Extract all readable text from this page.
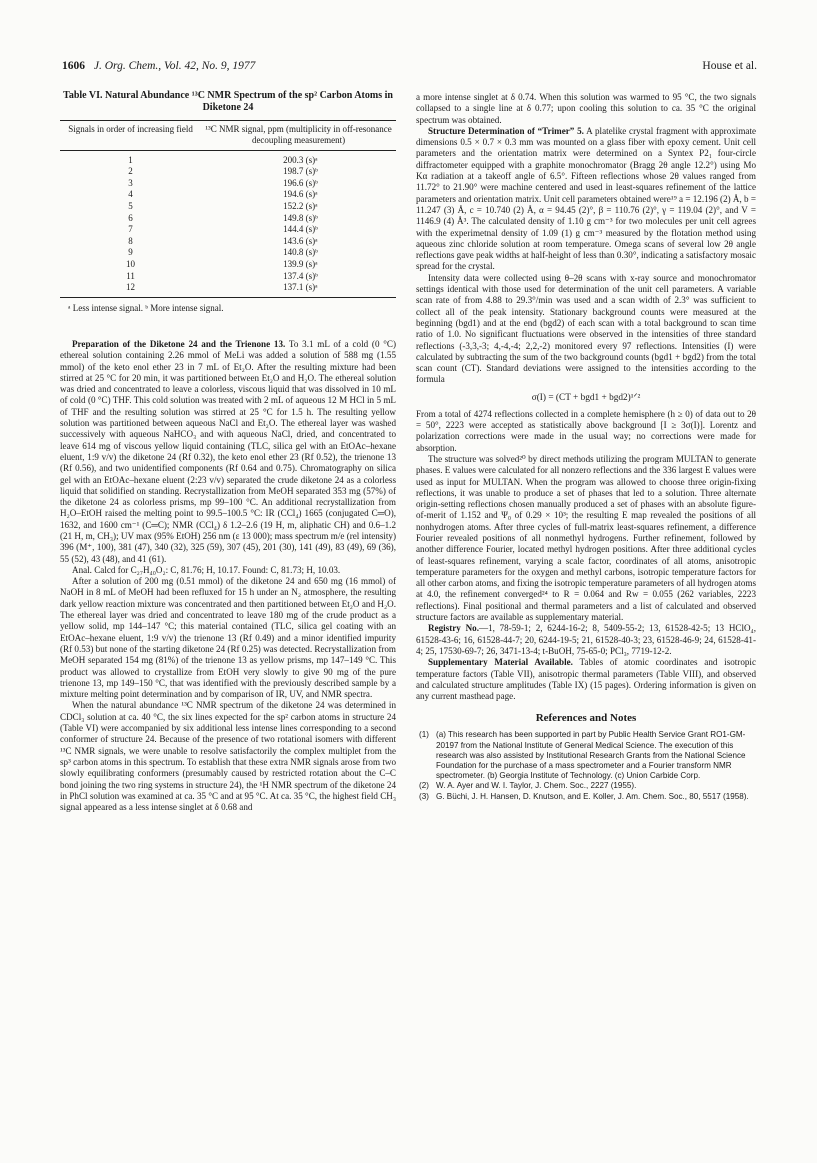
1606 J. Org. Chem., Vol. 42, No. 9, 1977	House et al.
Table VI. Natural Abundance ¹³C NMR Spectrum of the sp² Carbon Atoms in Diketone 24
Signals in order of increasing field	¹³C NMR signal, ppm (multiplicity in off-resonance decoupling measurement)
1	200.3 (s)ᵃ
2	198.7 (s)ᵇ
3	196.6 (s)ᵇ
4	194.6 (s)ᵃ
5	152.2 (s)ᵃ
6	149.8 (s)ᵇ
7	144.4 (s)ᵇ
8	143.6 (s)ᵃ
9	140.8 (s)ᵇ
10	139.9 (s)ᵃ
11	137.4 (s)ᵇ
12	137.1 (s)ᵃ
ᵃ Less intense signal. ᵇ More intense signal.

Preparation of the Diketone 24 and the Trienone 13. To 3.1 mL of a cold (0 °C) ethereal solution containing 2.26 mmol of MeLi was added a solution of 588 mg (1.55 mmol) of the keto enol ether 23 in 7 mL of Et₂O. After the resulting mixture had been stirred at 25 °C for 20 min, it was partitioned between Et₂O and H₂O. The ethereal solution was dried and concentrated to leave a colorless, viscous liquid that was dissolved in 10 mL of cold (0 °C) THF. This cold solution was treated with 2 mL of aqueous 12 M HCl in 5 mL of THF and the resulting solution was stirred at 25 °C for 1.5 h. The resulting yellow solution was partitioned between aqueous NaCl and Et₂O. The ethereal layer was washed successively with aqueous NaHCO₃ and with aqueous NaCl, dried, and concentrated to leave 614 mg of viscous yellow liquid containing (TLC, silica gel with an EtOAc–hexane eluent, 1:9 v/v) the diketone 24 (Rf 0.32), the keto enol ether 23 (Rf 0.52), the trienone 13 (Rf 0.56), and two unidentified components (Rf 0.64 and 0.75). Chromatography on silica gel with an EtOAc–hexane eluent (2:23 v/v) separated the crude diketone 24 as a colorless liquid that solidified on standing. Recrystallization from MeOH separated 353 mg (57%) of the diketone 24 as colorless prisms, mp 99–100 °C. An additional recrystallization from H₂O–EtOH raised the melting point to 99.5–100.5 °C: IR (CCl₄) 1665 (conjugated C═O), 1632, and 1600 cm⁻¹ (C═C); NMR (CCl₄) δ 1.2–2.6 (19 H, m, aliphatic CH) and 0.6–1.2 (21 H, m, CH₃); UV max (95% EtOH) 256 nm (ε 13 000); mass spectrum m/e (rel intensity) 396 (M⁺, 100), 381 (47), 340 (32), 325 (59), 307 (45), 201 (30), 141 (49), 83 (49), 69 (36), 55 (52), 43 (48), and 41 (61).

Anal. Calcd for C₂₇H₄₀O₂: C, 81.76; H, 10.17. Found: C, 81.73; H, 10.03.

After a solution of 200 mg (0.51 mmol) of the diketone 24 and 650 mg (16 mmol) of NaOH in 8 mL of MeOH had been refluxed for 15 h under an N₂ atmosphere, the resulting dark yellow reaction mixture was concentrated and then partitioned between Et₂O and H₂O. The ethereal layer was dried and concentrated to leave 180 mg of the crude product as a yellow solid, mp 144–147 °C; this material contained (TLC, silica gel coating with an EtOAc–hexane eluent, 1:9 v/v) the trienone 13 (Rf 0.49) and a minor identified impurity (Rf 0.53) but none of the starting diketone 24 (Rf 0.25) was detected. Recrystallization from MeOH separated 154 mg (81%) of the trienone 13 as yellow prisms, mp 147–149 °C. This product was allowed to crystallize from EtOH very slowly to give 90 mg of the pure trienone 13, mp 149–150 °C, that was identified with the previously described sample by a mixture melting point determination and by comparison of IR, UV, and NMR spectra.

When the natural abundance ¹³C NMR spectrum of the diketone 24 was determined in CDCl₃ solution at ca. 40 °C, the six lines expected for the sp² carbon atoms in structure 24 (Table VI) were accompanied by six additional less intense lines corresponding to a second conformer of structure 24. Because of the presence of two rotational isomers with different ¹³C NMR signals, we were unable to resolve satisfactorily the complex multiplet from the sp³ carbon atoms in this spectrum. To establish that these extra NMR signals arose from two slowly equilibrating conformers (presumably caused by restricted rotation about the C–C bond joining the two ring systems in structure 24), the ¹H NMR spectrum of the diketone 24 in PhCl solution was examined at ca. 35 °C and at 95 °C. At ca. 35 °C, the highest field CH₃ signal appeared as a less intense singlet at δ 0.68 and

a more intense singlet at δ 0.74. When this solution was warmed to 95 °C, the two signals collapsed to a single line at δ 0.77; upon cooling this solution to ca. 35 °C the original spectrum was obtained.

Structure Determination of “Trimer” 5. A platelike crystal fragment with approximate dimensions 0.5 × 0.7 × 0.3 mm was mounted on a glass fiber with epoxy cement. Unit cell parameters and the orientation matrix were determined on a Syntex P2₁ four-circle diffractometer equipped with a graphite monochromator (Bragg 2θ angle 12.2°) using Mo Kα radiation at a takeoff angle of 6.5°. Fifteen reflections whose 2θ values ranged from 11.72° to 21.90° were machine centered and used in least-squares refinement of the lattice parameters and orientation matrix. Unit cell parameters obtained were¹⁹ a = 12.196 (2) Å, b = 11.247 (3) Å, c = 10.740 (2) Å, α = 94.45 (2)°, β = 110.76 (2)°, γ = 119.04 (2)°, and V = 1146.9 (4) Å³. The calculated density of 1.10 g cm⁻³ for two molecules per unit cell agrees with the experimetnal density of 1.09 (1) g cm⁻³ measured by the flotation method using aqueous zinc chloride solution at room temperature. Omega scans of several low 2θ angle reflections gave peak widths at half-height of less than 0.30°, indicating a satisfactory mosaic spread for the crystal.

Intensity data were collected using θ–2θ scans with x-ray source and monochromator settings identical with those used for determination of the unit cell parameters. A variable scan rate of from 4.88 to 29.3°/min was used and a scan width of 2.3° was sufficient to collect all of the peak intensity. Stationary background counts were measured at the beginning (bgd1) and at the end (bgd2) of each scan with a total background to scan time ratio of 1.0. No significant fluctuations were observed in the intensities of three standard reflections (-3,3,-3; 4,-4,-4; 2,2,-2) monitored every 97 reflections. Intensities (I) were calculated by subtracting the sum of the two background counts (bgd1 + bgd2) from the total scan count (CT). Standard deviations were assigned to the intensities according to the formula

σ(I) = (CT + bgd1 + bgd2)¹ᐟ²

From a total of 4274 reflections collected in a complete hemisphere (h ≥ 0) of data out to 2θ = 50°, 2223 were accepted as statistically above background [I ≥ 3σ(I)]. Lorentz and polarization corrections were made in the usual way; no corrections were made for absorption.

The structure was solved²⁰ by direct methods utilizing the program MULTAN to generate phases. E values were calculated for all nonzero reflections and the 336 largest E values were used as input for MULTAN. When the program was allowed to choose three origin-fixing reflections, it was unable to produce a set of phases that led to a solution. Three alternate origin-setting reflections chosen manually produced a set of phases with an absolute figure-of-merit of 1.152 and Ψ₀ of 0.29 × 10³; the resulting E map revealed the positions of all nonhydrogen atoms. After three cycles of full-matrix least-squares refinement, a difference Fourier revealed positions of all nonmethyl hydrogens. Further refinement, followed by another difference Fourier, located methyl hydrogen positions. After three additional cycles of least-squares refinement, varying a scale factor, coordinates of all atoms, anisotropic temperature parameters for the oxygen and methyl carbons, isotropic temperature factors for all other carbon atoms, and fixing the isotropic temperature parameters of all hydrogen atoms at 4.0, the refinement converged²⁴ to R = 0.064 and Rw = 0.055 (262 variables, 2223 reflections). Final positional and thermal parameters and a list of calculated and observed structure factors are available as supplementary material.

Registry No.—1, 78-59-1; 2, 6244-16-2; 8, 5409-55-2; 13, 61528-42-5; 13 HClO₄, 61528-43-6; 16, 61528-44-7; 20, 6244-19-5; 21, 61528-40-3; 23, 61528-46-9; 24, 61528-41-4; 25, 17530-69-7; 26, 3471-13-4; t-BuOH, 75-65-0; PCl₃, 7719-12-2.

Supplementary Material Available. Tables of atomic coordinates and isotropic temperature factors (Table VII), anisotropic thermal parameters (Table VIII), and observed and calculated structure amplitudes (Table IX) (15 pages). Ordering information is given on any current masthead page.

References and Notes
(1) (a) This research has been supported in part by Public Health Service Grant RO1-GM-20197 from the National Institute of General Medical Science. The execution of this research was also assisted by Institutional Research Grants from the National Science Foundation for the purchase of a mass spectrometer and a Fourier transform NMR spectrometer. (b) Georgia Institute of Technology. (c) Union Carbide Corp.
(2) W. A. Ayer and W. I. Taylor, J. Chem. Soc., 2227 (1955).
(3) G. Büchi, J. H. Hansen, D. Knutson, and E. Koller, J. Am. Chem. Soc., 80, 5517 (1958).
